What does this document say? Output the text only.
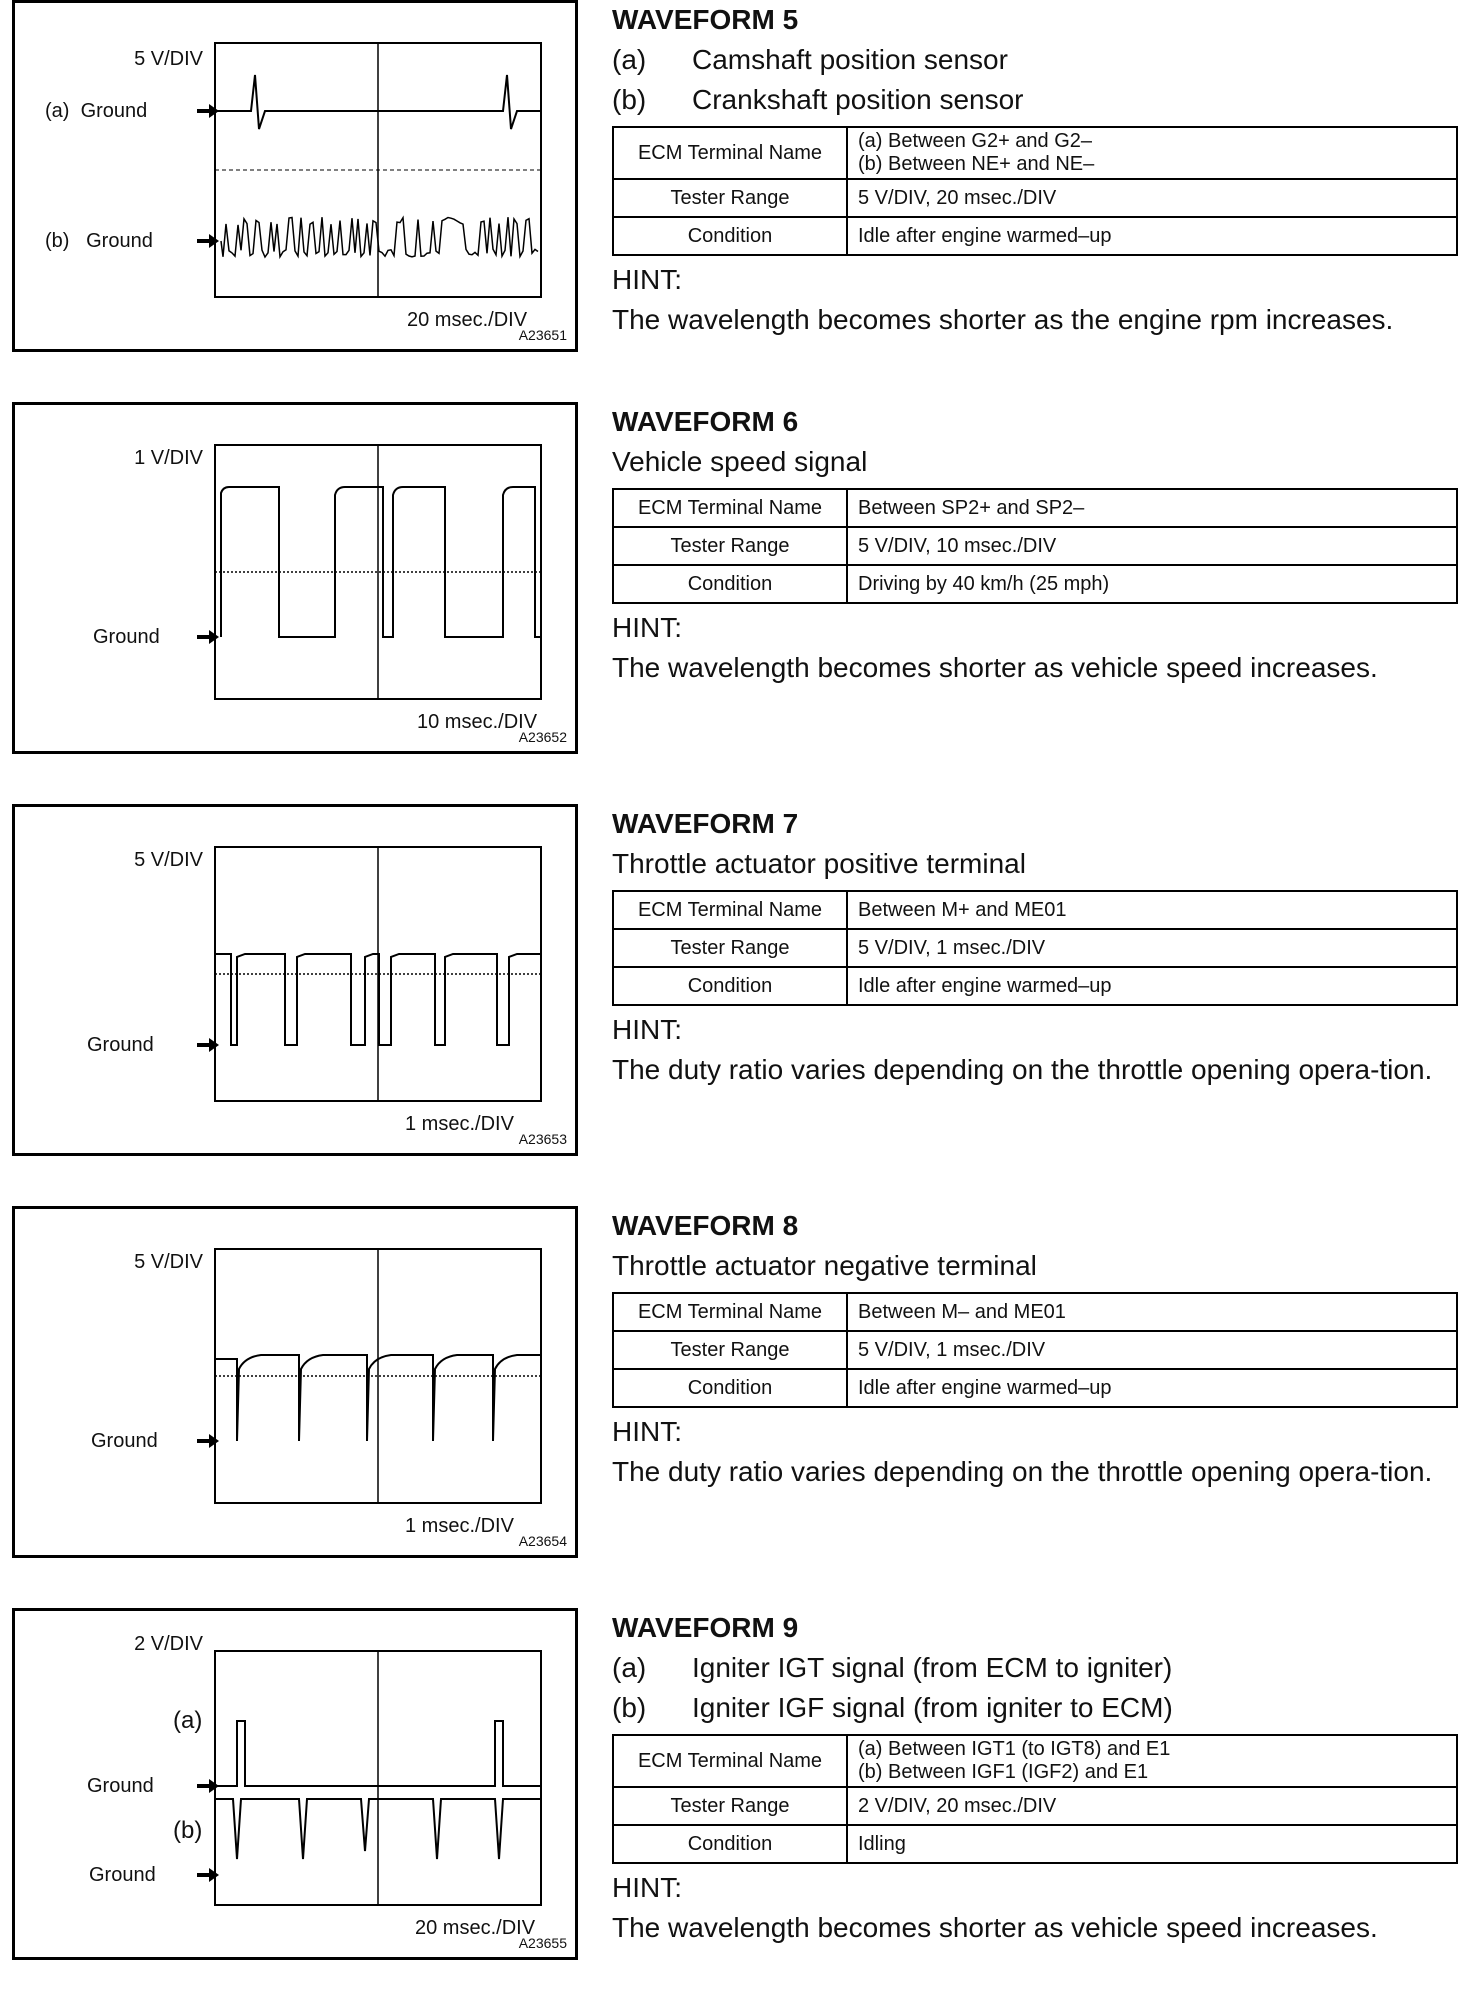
5 V/DIV
(a) Ground
(b) Ground
20 msec./DIV
A23651
WAVEFORM 5
(a) Camshaft position sensor
(b) Crankshaft position sensor
ECM Terminal Name	(a) Between G2+ and G2–
(b) Between NE+ and NE–

Tester Range	5 V/DIV, 20 msec./DIV
Condition	Idle after engine warmed–up
HINT:
The wavelength becomes shorter as the engine rpm increases.
1 V/DIV
Ground
10 msec./DIV
A23652
WAVEFORM 6
Vehicle speed signal
ECM Terminal Name	Between SP2+ and SP2–
Tester Range	5 V/DIV, 10 msec./DIV
Condition	Driving by 40 km/h (25 mph)
HINT:
The wavelength becomes shorter as vehicle speed increases.
5 V/DIV
Ground
1 msec./DIV
A23653
WAVEFORM 7
Throttle actuator positive terminal
ECM Terminal Name	Between M+ and ME01
Tester Range	5 V/DIV, 1 msec./DIV
Condition	Idle after engine warmed–up
HINT:
The duty ratio varies depending on the throttle opening opera-tion.
5 V/DIV
Ground
1 msec./DIV
A23654
WAVEFORM 8
Throttle actuator negative terminal
ECM Terminal Name	Between M– and ME01
Tester Range	5 V/DIV, 1 msec./DIV
Condition	Idle after engine warmed–up
HINT:
The duty ratio varies depending on the throttle opening opera-tion.
2 V/DIV
(a)
Ground
(b)
Ground
20 msec./DIV
A23655
WAVEFORM 9
(a) Igniter IGT signal (from ECM to igniter)
(b) Igniter IGF signal (from igniter to ECM)
ECM Terminal Name	(a) Between IGT1 (to IGT8) and E1
(b) Between IGF1 (IGF2) and E1

Tester Range	2 V/DIV, 20 msec./DIV
Condition	Idling
HINT:
The wavelength becomes shorter as vehicle speed increases.
